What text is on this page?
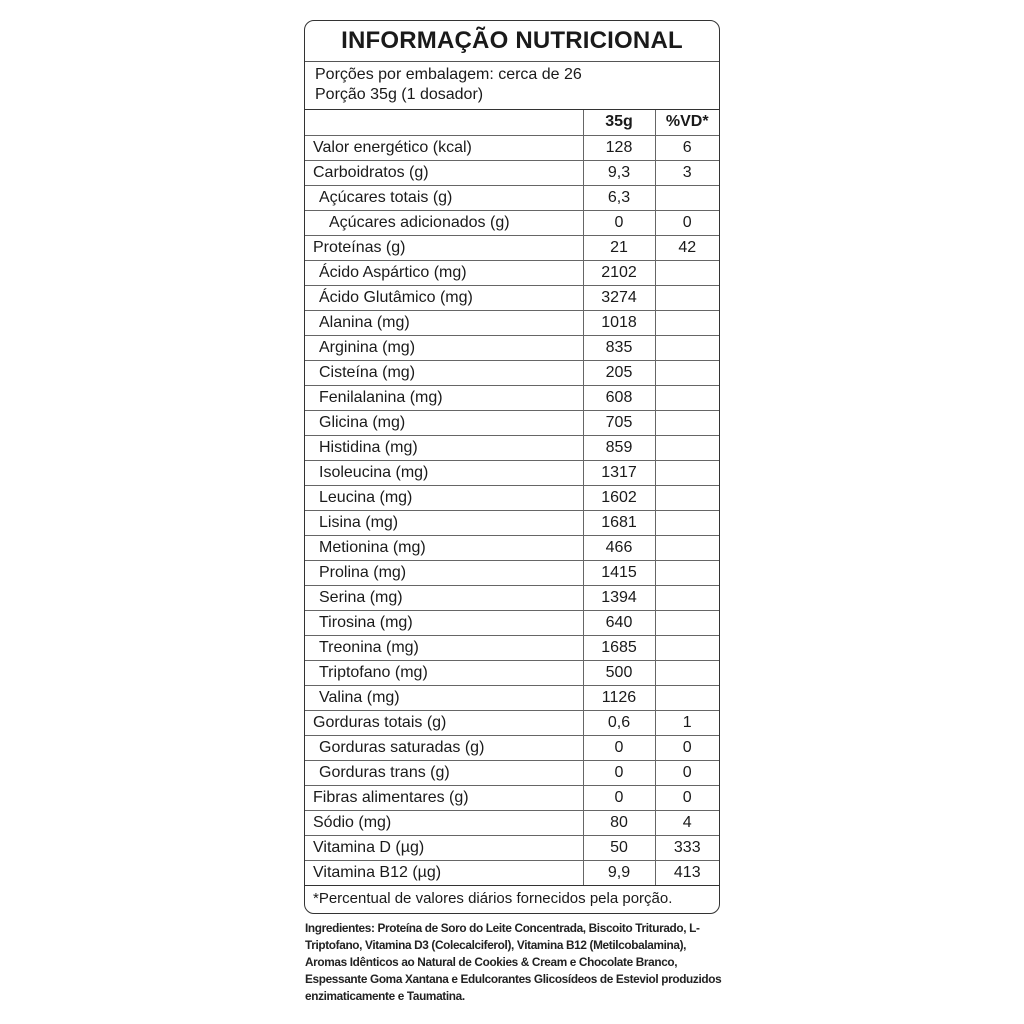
INFORMAÇÃO NUTRICIONAL
Porções por embalagem: cerca de 26
Porção 35g (1 dosador)
	35g	%VD*
Valor energético (kcal)	128	6
Carboidratos (g)	9,3	3
Açúcares totais (g)	6,3	
Açúcares adicionados (g)	0	0
Proteínas (g)	21	42
Ácido Aspártico (mg)	2102	
Ácido Glutâmico (mg)	3274	
Alanina (mg)	1018	
Arginina (mg)	835	
Cisteína (mg)	205	
Fenilalanina (mg)	608	
Glicina (mg)	705	
Histidina (mg)	859	
Isoleucina (mg)	1317	
Leucina (mg)	1602	
Lisina (mg)	1681	
Metionina (mg)	466	
Prolina (mg)	1415	
Serina (mg)	1394	
Tirosina (mg)	640	
Treonina (mg)	1685	
Triptofano (mg)	500	
Valina (mg)	1126	
Gorduras totais (g)	0,6	1
Gorduras saturadas (g)	0	0
Gorduras trans (g)	0	0
Fibras alimentares (g)	0	0
Sódio (mg)	80	4
Vitamina D (µg)	50	333
Vitamina B12 (µg)	9,9	413
*Percentual de valores diários fornecidos pela porção.
Ingredientes: Proteína de Soro do Leite Concentrada, Biscoito Triturado, L-Triptofano, Vitamina D3 (Colecalciferol), Vitamina B12 (Metilcobalamina), Aromas Idênticos ao Natural de Cookies & Cream e Chocolate Branco, Espessante Goma Xantana e Edulcorantes Glicosídeos de Esteviol produzidos enzimaticamente e Taumatina.
